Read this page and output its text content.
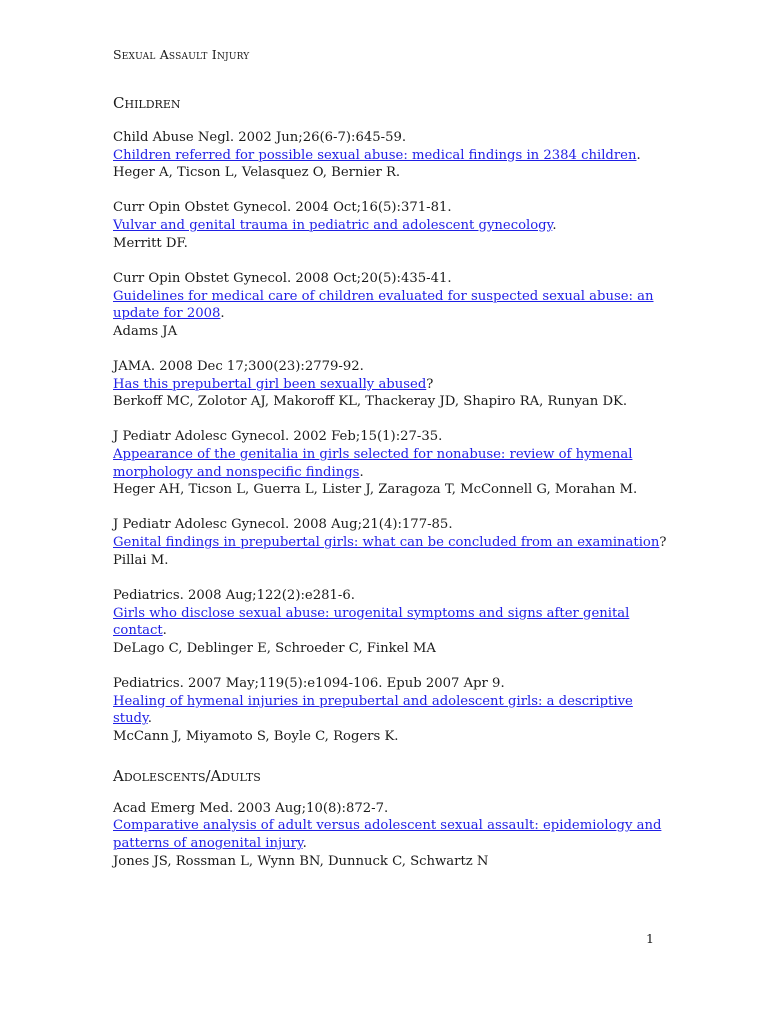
Sexual Assault Injury
Children
Child Abuse Negl. 2002 Jun;26(6-7):645-59.
Children referred for possible sexual abuse: medical findings in 2384 children.
Heger A, Ticson L, Velasquez O, Bernier R.
Curr Opin Obstet Gynecol. 2004 Oct;16(5):371-81.
Vulvar and genital trauma in pediatric and adolescent gynecology.
Merritt DF.
Curr Opin Obstet Gynecol. 2008 Oct;20(5):435-41.
Guidelines for medical care of children evaluated for suspected sexual abuse: an update for 2008.
Adams JA
JAMA. 2008 Dec 17;300(23):2779-92.
Has this prepubertal girl been sexually abused?
Berkoff MC, Zolotor AJ, Makoroff KL, Thackeray JD, Shapiro RA, Runyan DK.
J Pediatr Adolesc Gynecol. 2002 Feb;15(1):27-35.
Appearance of the genitalia in girls selected for nonabuse: review of hymenal morphology and nonspecific findings.
Heger AH, Ticson L, Guerra L, Lister J, Zaragoza T, McConnell G, Morahan M.
J Pediatr Adolesc Gynecol. 2008 Aug;21(4):177-85.
Genital findings in prepubertal girls: what can be concluded from an examination?
Pillai M.
Pediatrics. 2008 Aug;122(2):e281-6.
Girls who disclose sexual abuse: urogenital symptoms and signs after genital contact.
DeLago C, Deblinger E, Schroeder C, Finkel MA
Pediatrics. 2007 May;119(5):e1094-106. Epub 2007 Apr 9.
Healing of hymenal injuries in prepubertal and adolescent girls: a descriptive study.
McCann J, Miyamoto S, Boyle C, Rogers K.
Adolescents/Adults
Acad Emerg Med. 2003 Aug;10(8):872-7.
Comparative analysis of adult versus adolescent sexual assault: epidemiology and patterns of anogenital injury.
Jones JS, Rossman L, Wynn BN, Dunnuck C, Schwartz N
1
